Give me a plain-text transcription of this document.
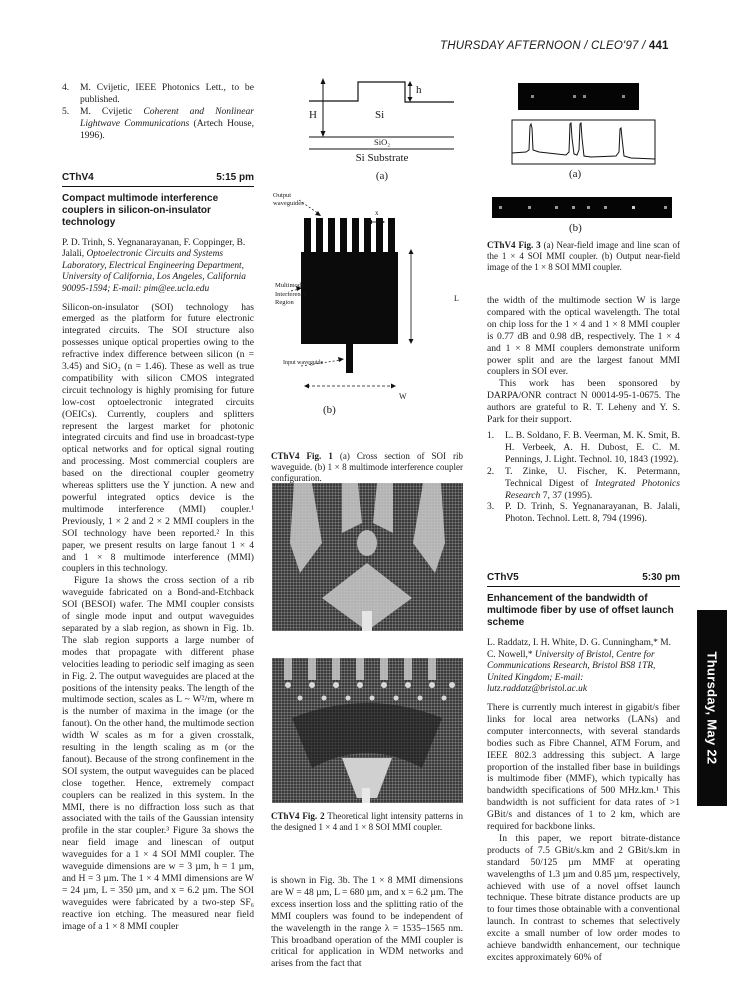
THURSDAY AFTERNOON / CLEO'97 / 441
4.	M. Cvijetic, IEEE Photonics Lett., to be published.
5.	M. Cvijetic Coherent and Nonlinear Lightwave Communications (Artech House, 1996).
CThV4	5:15 pm
Compact multimode interference couplers in silicon-on-insulator technology
P. D. Trinh, S. Yegnanarayanan, F. Coppinger, B. Jalali, Optoelectronic Circuits and Systems Laboratory, Electrical Engineering Department, University of California, Los Angeles, California 90095-1594; E-mail: pim@ee.ucla.edu

Silicon-on-insulator (SOI) technology has emerged as the platform for future electronic integrated circuits. The SOI structure also possesses unique optical properties owing to the refractive index difference between silicon (n = 3.45) and SiO₂ (n = 1.46). These as well as true compatibility with silicon CMOS integrated circuit technology is highly promising for future low-cost optoelectronic integrated circuits (OEICs). Currently, couplers and splitters represent the largest market for photonic integrated circuits and find use in broadcast-type optical networks and for optical signal routing and processing. Most commercial couplers are based on the directional coupler geometry whereas splitters use the Y junction. A new and powerful integrated optics device is the multimode interference (MMI) coupler.¹ Previously, 1 × 2 and 2 × 2 MMI couplers in the SOI technology have been reported.² In this paper, we present results on large fanout 1 × 4 and 1 × 8 multimode interference (MMI) couplers in this technology.

Figure 1a shows the cross section of a rib waveguide fabricated on a Bond-and-Etchback SOI (BESOI) wafer. The MMI coupler consists of single mode input and output waveguides separated by a slab region, as shown in Fig. 1b. The slab region supports a large number of modes that propagate with different phase velocities leading to periodic self imaging as seen in Fig. 2. The output waveguides are placed at the positions of the intensity peaks. The length of the multimode section, scales as L ~ W²/m, where m is the number of maxima in the image (or the fanout). On the other hand, the multimode section width W scales as m for a given crosstalk, resulting in the length scaling as m (or the fanout). Because of the strong confinement in the SOI system, the output waveguides can be placed close together. Hence, extremely compact couplers can be realized in this system. In the MMI, there is no diffraction loss such as that associated with the tails of the Gaussian intensity profile in the star coupler.³ Figure 3a shows the near field image and linescan of output waveguides for a 1 × 4 SOI MMI coupler. The waveguide dimensions are w = 3 µm, h = 1 µm, and H = 3 µm. The 1 × 4 MMI dimensions are W = 24 µm, L = 350 µm, and x = 6.2 µm. The SOI waveguides were fabricated by a two-step SF₆ reactive ion etching. The measured near field image of a 1 × 8 MMI coupler

h
H	Si
SiO₂
Si Substrate
(a)
Output waveguides
Multimode Interference Region
Input waveguide
x
L
W
(b)

CThV4 Fig. 1 (a) Cross section of SOI rib waveguide. (b) 1 × 8 multimode interference coupler configuration.

CThV4 Fig. 2 Theoretical light intensity patterns in the designed 1 × 4 and 1 × 8 SOI MMI coupler.

is shown in Fig. 3b. The 1 × 8 MMI dimensions are W = 48 µm, L = 680 µm, and x = 6.2 µm. The excess insertion loss and the splitting ratio of the MMI couplers was found to be independent of the wavelength in the range λ = 1535–1565 nm. This broadband operation of the MMI coupler is critical for application in WDM networks and arises from the fact that

(a)
(b)

CThV4 Fig. 3 (a) Near-field image and line scan of the 1 × 4 SOI MMI coupler. (b) Output near-field image of the 1 × 8 SOI MMI coupler.

the width of the multimode section W is large compared with the optical wavelength. The total on chip loss for the 1 × 4 and 1 × 8 MMI coupler is 0.77 dB and 0.98 dB, respectively. The 1 × 4 and 1 × 8 MMI couplers demonstrate uniform power split and are the largest fanout MMI couplers in SOI ever.

This work has been sponsored by DARPA/ONR contract N 00014-95-1-0675. The authors are grateful to R. T. Leheny and Y. S. Park for their support.

1.	L. B. Soldano, F. B. Veerman, M. K. Smit, B. H. Verbeek, A. H. Dubost, E. C. M. Pennings, J. Light. Technol. 10, 1843 (1992).
2.	T. Zinke, U. Fischer, K. Petermann, Technical Digest of Integrated Photonics Research 7, 37 (1995).
3.	P. D. Trinh, S. Yegnanarayanan, B. Jalali, Photon. Technol. Lett. 8, 794 (1996).
CThV5	5:30 pm
Enhancement of the bandwidth of multimode fiber by use of offset launch scheme
L. Raddatz, I. H. White, D. G. Cunningham,* M. C. Nowell,* University of Bristol, Centre for Communications Research, Bristol BS8 1TR, United Kingdom; E-mail: lutz.raddatz@bristol.ac.uk

There is currently much interest in gigabit/s fiber links for local area networks (LANs) and computer interconnects, with several standards bodies such as Fibre Channel, ATM Forum, and IEEE 802.3 addressing this subject. A large proportion of the installed fiber base in buildings is multimode fiber (MMF), which typically has bandwidth specifications of 500 MHz.km.¹ This bandwidth is not sufficient for data rates of >1 GBit/s and distances of 1 to 2 km, which are required for backbone links.

In this paper, we report bitrate-distance products of 7.5 GBit/s.km and 2 GBit/s.km in standard 50/125 µm MMF at operating wavelengths of 1.3 µm and 0.85 µm, respectively, achieved with use of a novel offset launch technique. These bitrate distance products are up to four times those obtainable with a conventional launch. In contrast to schemes that selectively excite a small number of low order modes to achieve bandwidth enhancement, our technique excites approximately 60% of

Thursday, May 22
